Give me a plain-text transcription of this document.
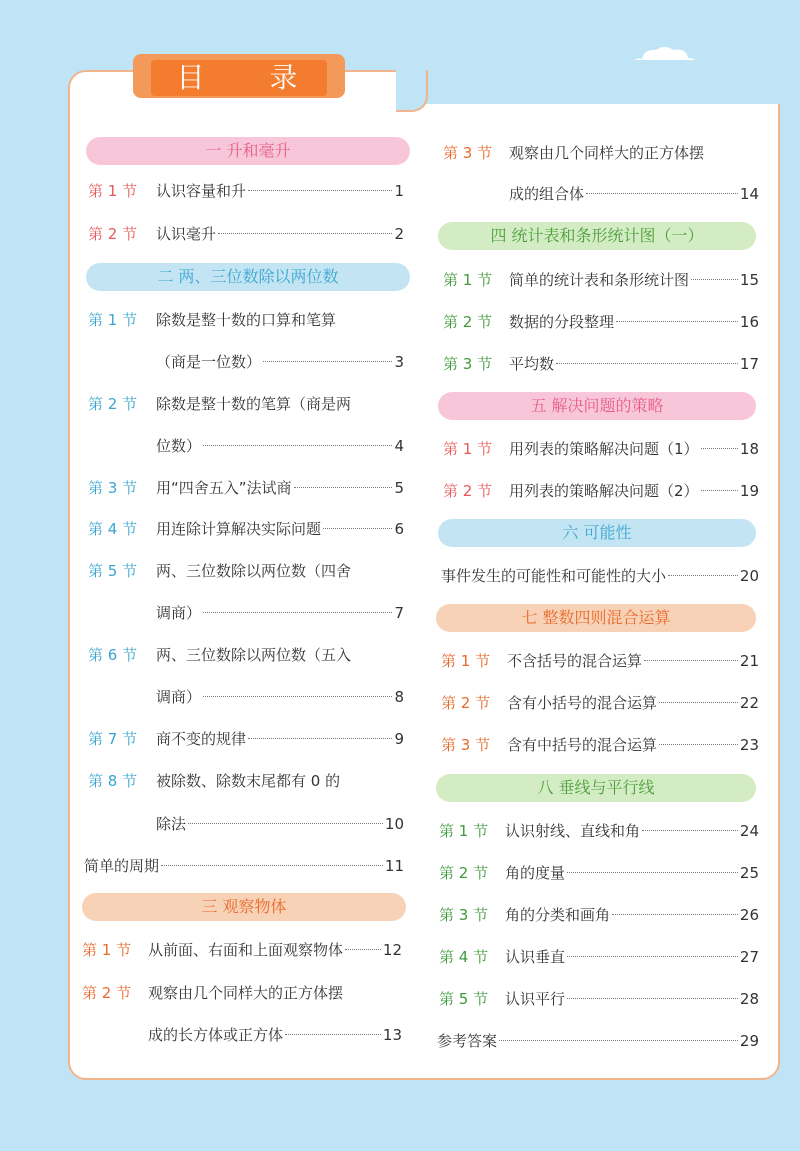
目 录
一 升和毫升
第 1 节 认识容量和升	1
第 2 节 认识毫升	2
二 两、三位数除以两位数
第 1 节 除数是整十数的口算和笔算
（商是一位数）	3
第 2 节 除数是整十数的笔算（商是两
位数）	4
第 3 节 用“四舍五入”法试商	5
第 4 节 用连除计算解决实际问题	6
第 5 节 两、三位数除以两位数（四舍
调商）	7
第 6 节 两、三位数除以两位数（五入
调商）	8
第 7 节 商不变的规律	9
第 8 节 被除数、除数末尾都有 0 的
除法	10
简单的周期	11
三 观察物体
第 1 节 从前面、右面和上面观察物体	12
第 2 节 观察由几个同样大的正方体摆
成的长方体或正方体	13
第 3 节 观察由几个同样大的正方体摆
成的组合体	14
四 统计表和条形统计图（一）
第 1 节 简单的统计表和条形统计图	15
第 2 节 数据的分段整理	16
第 3 节 平均数	17
五 解决问题的策略
第 1 节 用列表的策略解决问题（1）	18
第 2 节 用列表的策略解决问题（2）	19
六 可能性
事件发生的可能性和可能性的大小	20
七 整数四则混合运算
第 1 节 不含括号的混合运算	21
第 2 节 含有小括号的混合运算	22
第 3 节 含有中括号的混合运算	23
八 垂线与平行线
第 1 节 认识射线、直线和角	24
第 2 节 角的度量	25
第 3 节 角的分类和画角	26
第 4 节 认识垂直	27
第 5 节 认识平行	28
参考答案	29
